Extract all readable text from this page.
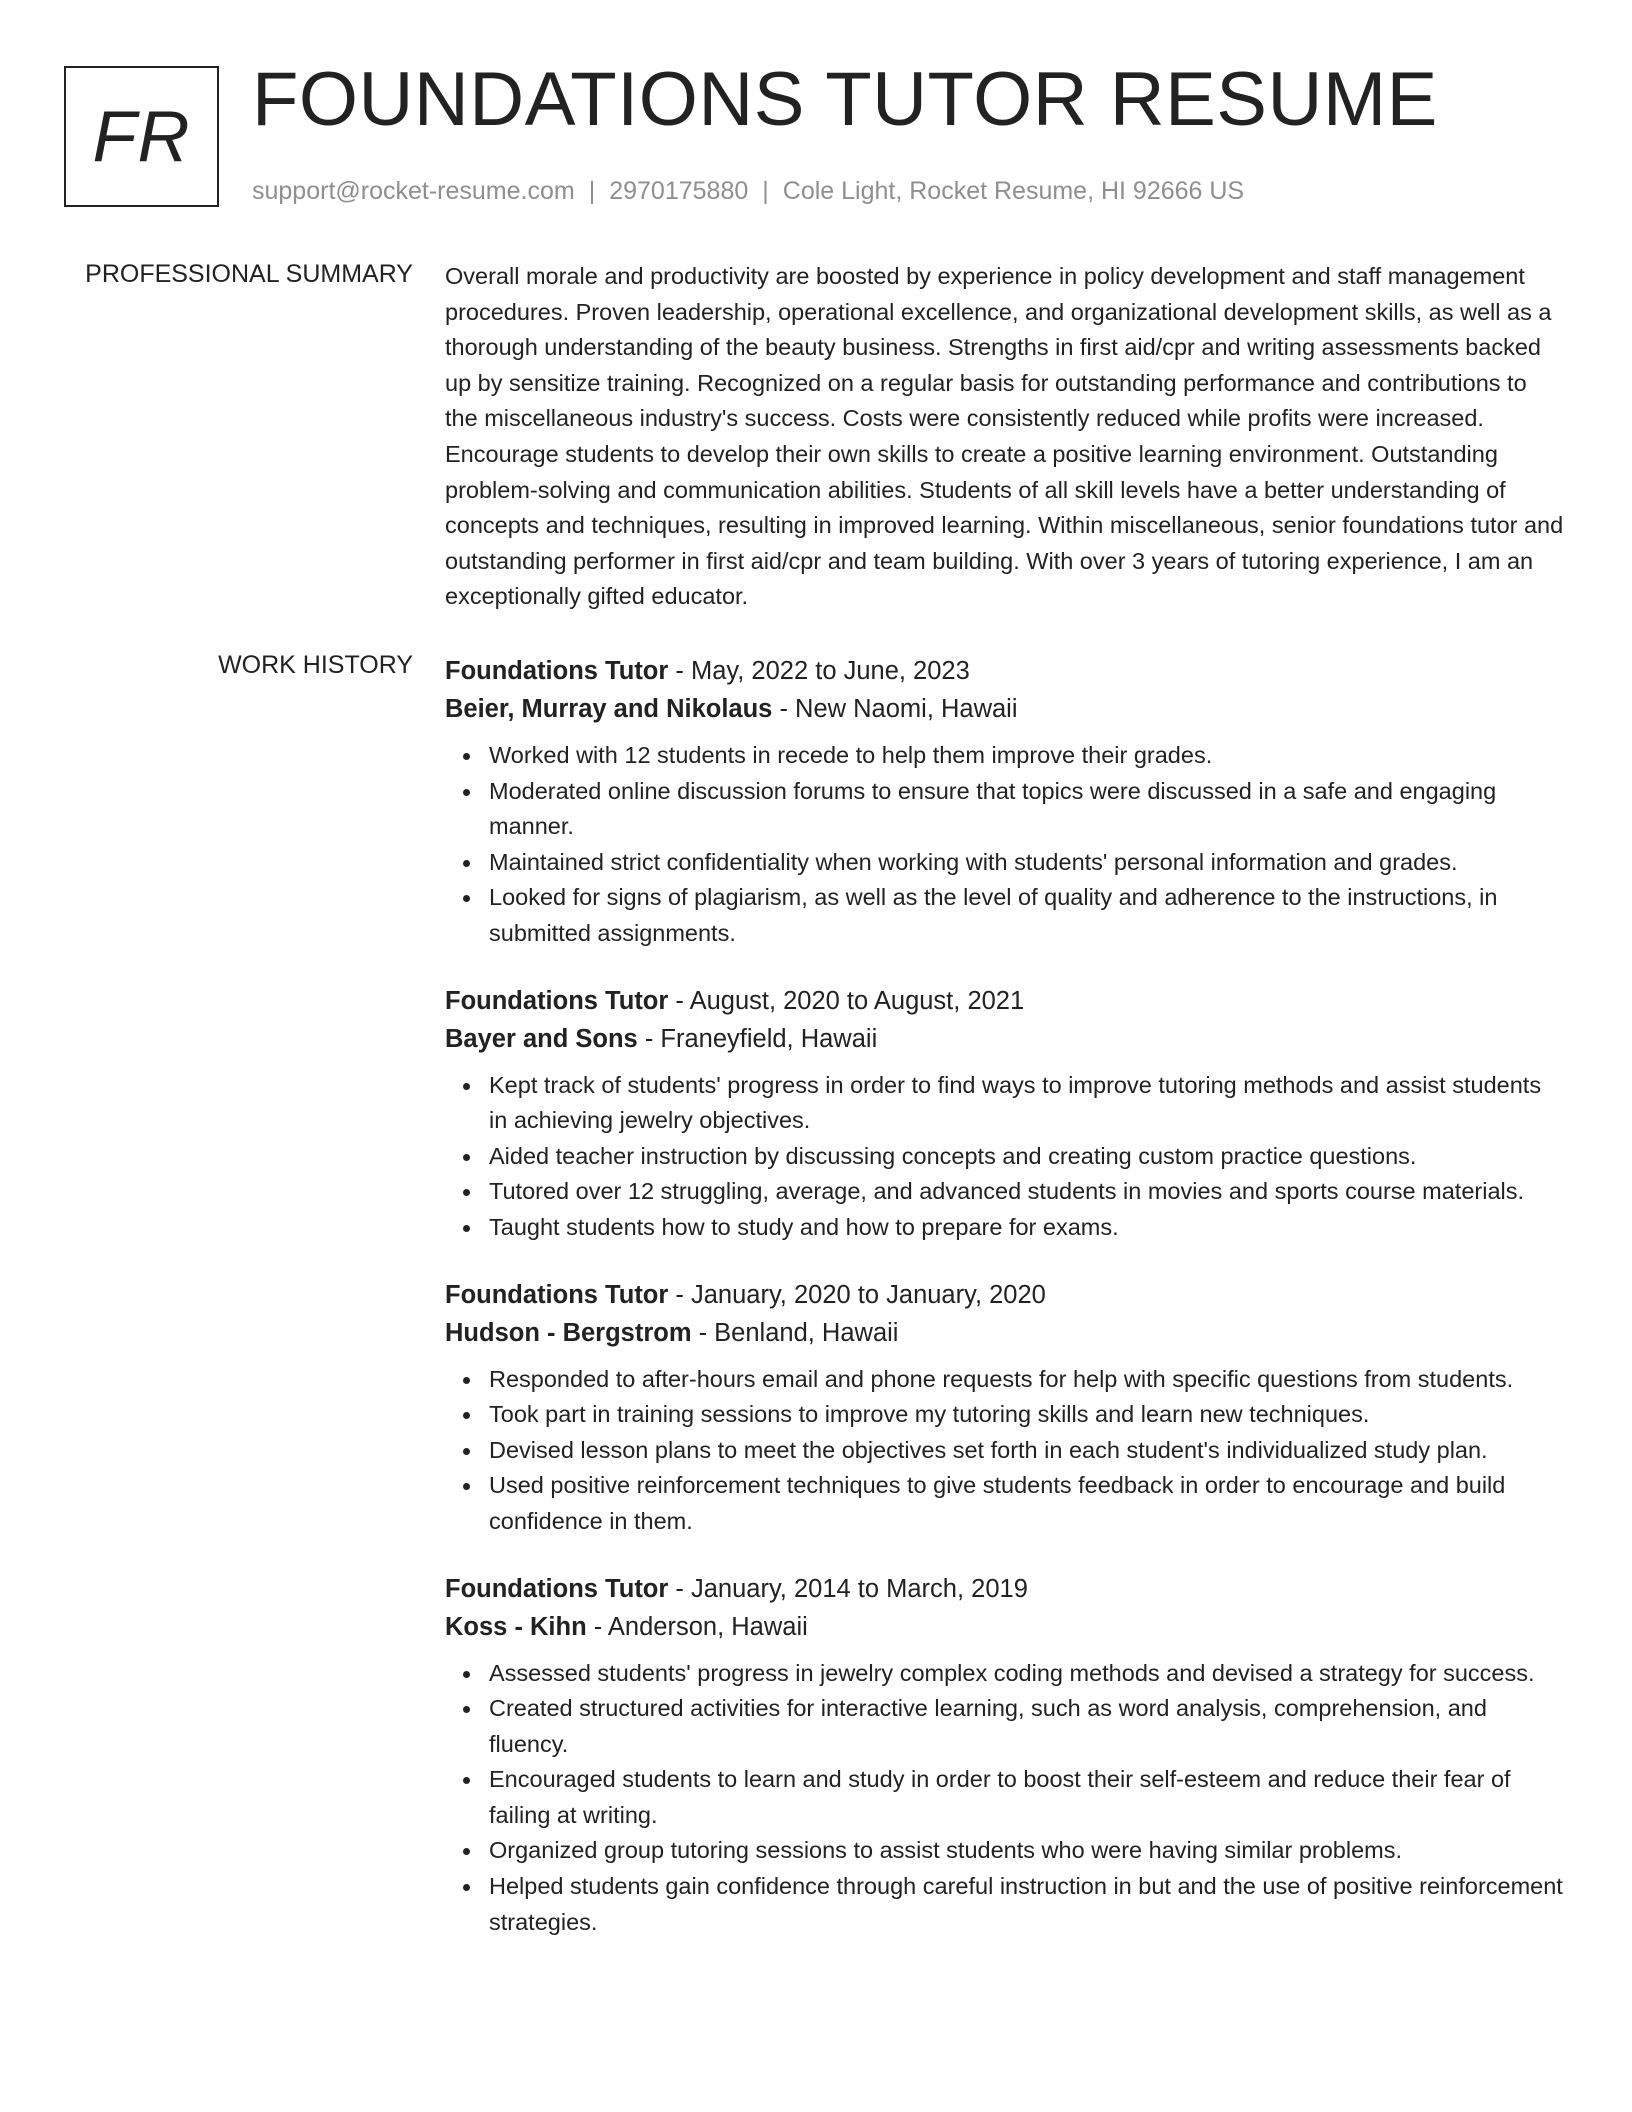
FR FOUNDATIONS TUTOR RESUME
support@rocket-resume.com | 2970175880 | Cole Light, Rocket Resume, HI 92666 US
PROFESSIONAL SUMMARY Overall morale and productivity are boosted by experience in policy development and staff management procedures. Proven leadership, operational excellence, and organizational development skills, as well as a thorough understanding of the beauty business. Strengths in first aid/cpr and writing assessments backed up by sensitize training. Recognized on a regular basis for outstanding performance and contributions to the miscellaneous industry's success. Costs were consistently reduced while profits were increased. Encourage students to develop their own skills to create a positive learning environment. Outstanding problem-solving and communication abilities. Students of all skill levels have a better understanding of concepts and techniques, resulting in improved learning. Within miscellaneous, senior foundations tutor and outstanding performer in first aid/cpr and team building. With over 3 years of tutoring experience, I am an exceptionally gifted educator.
WORK HISTORY Foundations Tutor - May, 2022 to June, 2023
Beier, Murray and Nikolaus - New Naomi, Hawaii
Worked with 12 students in recede to help them improve their grades.
Moderated online discussion forums to ensure that topics were discussed in a safe and engaging manner.
Maintained strict confidentiality when working with students' personal information and grades.
Looked for signs of plagiarism, as well as the level of quality and adherence to the instructions, in submitted assignments.
Foundations Tutor - August, 2020 to August, 2021
Bayer and Sons - Franeyfield, Hawaii
Kept track of students' progress in order to find ways to improve tutoring methods and assist students in achieving jewelry objectives.
Aided teacher instruction by discussing concepts and creating custom practice questions.
Tutored over 12 struggling, average, and advanced students in movies and sports course materials.
Taught students how to study and how to prepare for exams.
Foundations Tutor - January, 2020 to January, 2020
Hudson - Bergstrom - Benland, Hawaii
Responded to after-hours email and phone requests for help with specific questions from students.
Took part in training sessions to improve my tutoring skills and learn new techniques.
Devised lesson plans to meet the objectives set forth in each student's individualized study plan.
Used positive reinforcement techniques to give students feedback in order to encourage and build confidence in them.
Foundations Tutor - January, 2014 to March, 2019
Koss - Kihn - Anderson, Hawaii
Assessed students' progress in jewelry complex coding methods and devised a strategy for success.
Created structured activities for interactive learning, such as word analysis, comprehension, and fluency.
Encouraged students to learn and study in order to boost their self-esteem and reduce their fear of failing at writing.
Organized group tutoring sessions to assist students who were having similar problems.
Helped students gain confidence through careful instruction in but and the use of positive reinforcement strategies.
